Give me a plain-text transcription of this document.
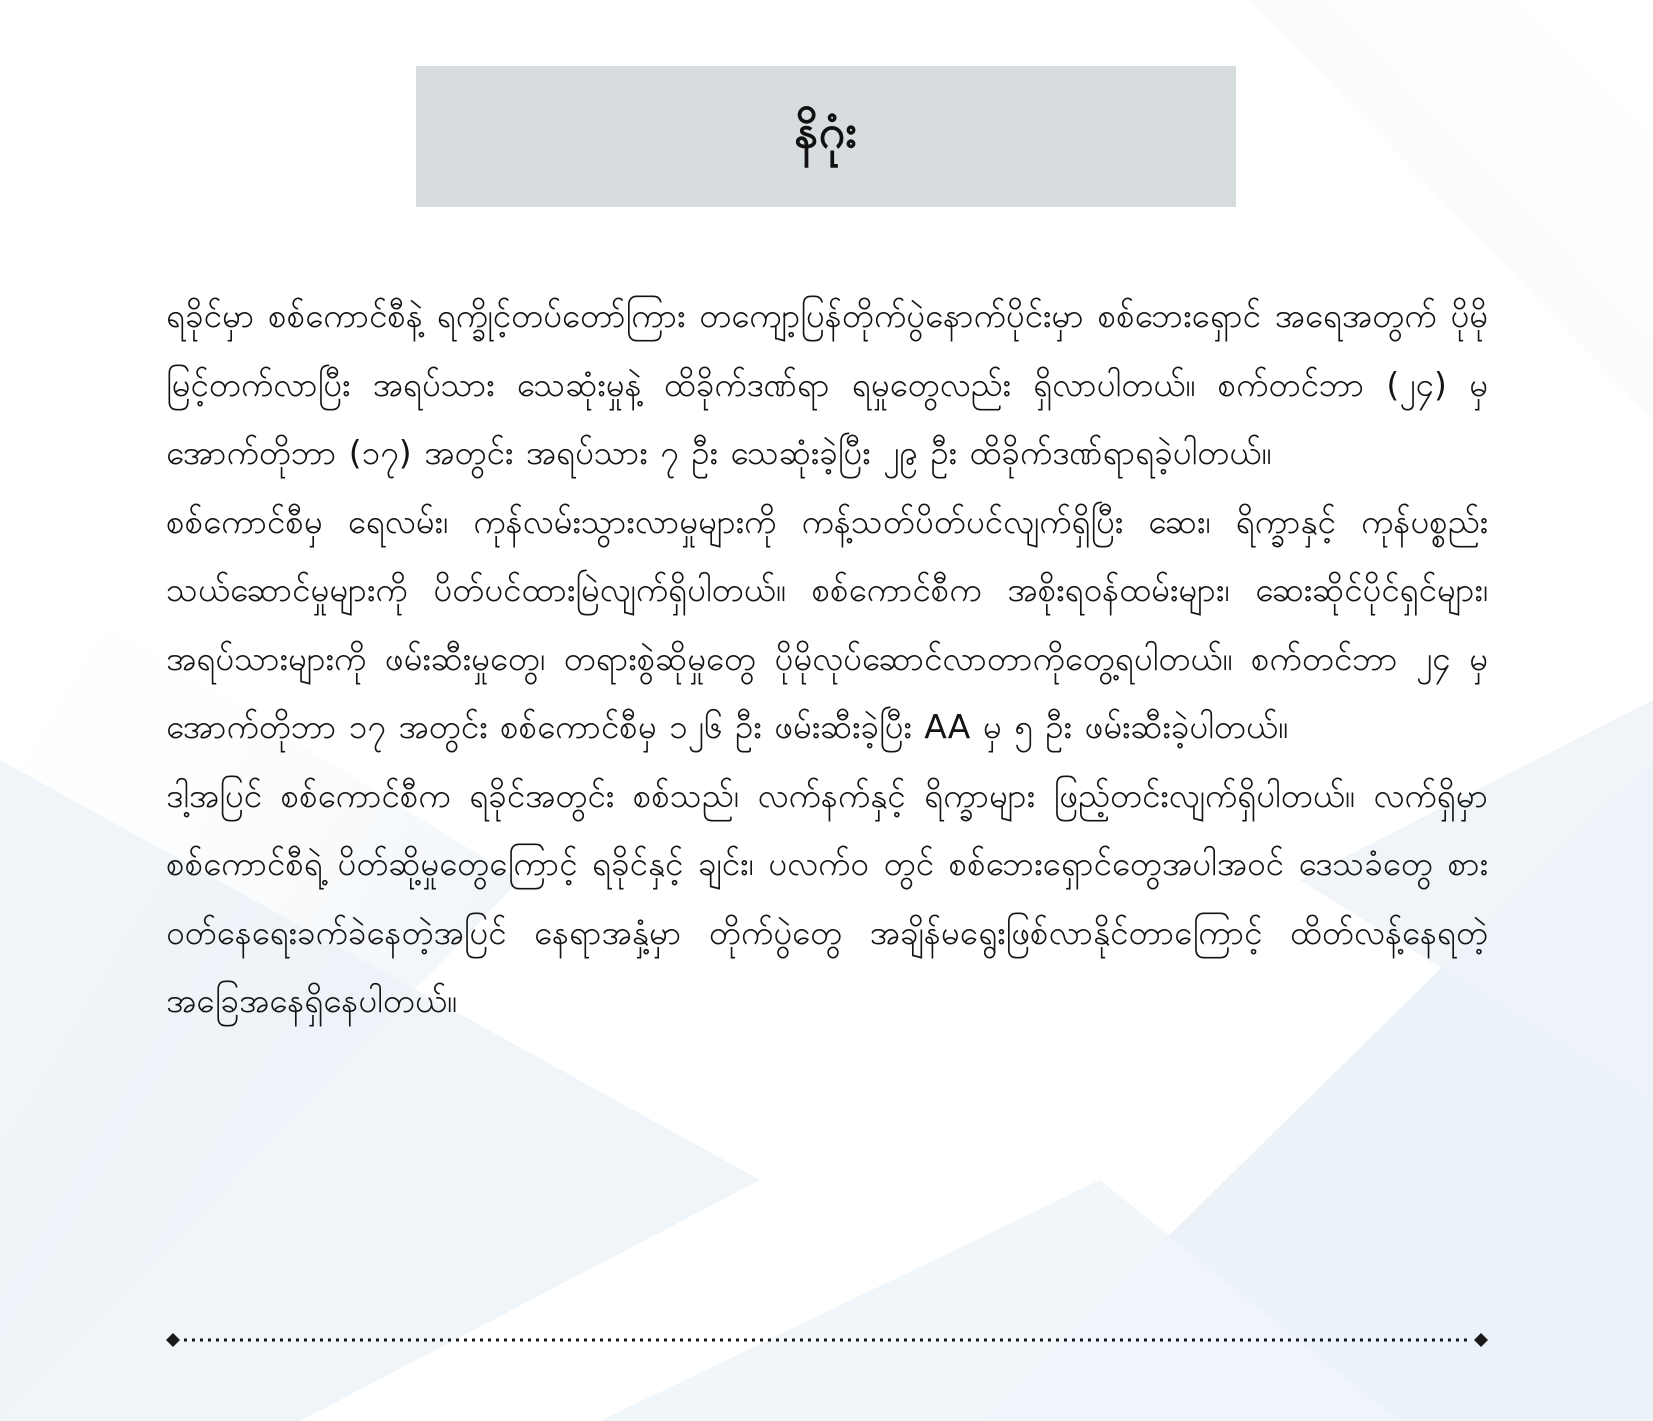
နိဂုံး

ရခိုင်မှာ စစ်ကောင်စီနဲ့ ရက္ခိုင့်တပ်တော်ကြား တကျော့ပြန်တိုက်ပွဲနောက်ပိုင်းမှာ စစ်ဘေးရှောင် အရေအတွက် ပိုမိုမြင့်တက်လာပြီး အရပ်သား သေဆုံးမှုနဲ့ ထိခိုက်ဒဏ်ရာ ရမှုတွေလည်း ရှိလာပါတယ်။ စက်တင်ဘာ (၂၄) မှ အောက်တိုဘာ (၁၇) အတွင်း အရပ်သား ၇ ဦး သေဆုံးခဲ့ပြီး ၂၉ ဦး ထိခိုက်ဒဏ်ရာရခဲ့ပါတယ်။

စစ်ကောင်စီမှ ရေလမ်း၊ ကုန်လမ်းသွားလာမှုများကို ကန့်သတ်ပိတ်ပင်လျက်ရှိပြီး ဆေး၊ ရိက္ခာနှင့် ကုန်ပစ္စည်း သယ်ဆောင်မှုများကို ပိတ်ပင်ထားမြဲလျက်ရှိပါတယ်။ စစ်ကောင်စီက အစိုးရဝန်ထမ်းများ၊ ဆေးဆိုင်ပိုင်ရှင်များ၊ အရပ်သားများကို ဖမ်းဆီးမှုတွေ၊ တရားစွဲဆိုမှုတွေ ပိုမိုလုပ်ဆောင်လာတာကိုတွေ့ရပါတယ်။ စက်တင်ဘာ ၂၄ မှ အောက်တိုဘာ ၁၇ အတွင်း စစ်ကောင်စီမှ ၁၂၆ ဦး ဖမ်းဆီးခဲ့ပြီး AA မှ ၅ ဦး ဖမ်းဆီးခဲ့ပါတယ်။

ဒါ့အပြင် စစ်ကောင်စီက ရခိုင်အတွင်း စစ်သည်၊ လက်နက်နှင့် ရိက္ခာများ ဖြည့်တင်းလျက်ရှိပါတယ်။ လက်ရှိမှာ စစ်ကောင်စီရဲ့ ပိတ်ဆို့မှုတွေကြောင့် ရခိုင်နှင့် ချင်း၊ ပလက်ဝ တွင် စစ်ဘေးရှောင်တွေအပါအဝင် ဒေသခံတွေ စားဝတ်နေရေးခက်ခဲနေတဲ့အပြင် နေရာအနှံ့မှာ တိုက်ပွဲတွေ အချိန်မရွေးဖြစ်လာနိုင်တာကြောင့် ထိတ်လန့်နေရတဲ့ အခြေအနေရှိနေပါတယ်။
